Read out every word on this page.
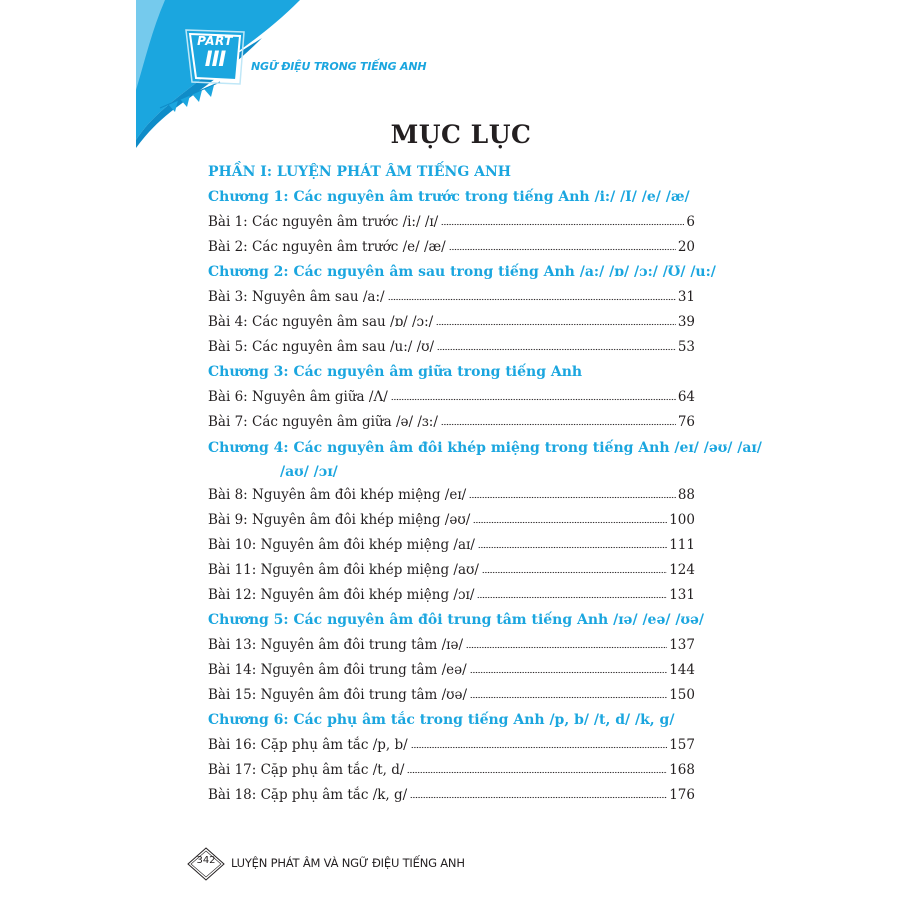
PART
III	NGỮ ĐIỆU TRONG TIẾNG ANH
MỤC LỤC
PHẦN I: LUYỆN PHÁT ÂM TIẾNG ANH
Chương 1: Các nguyên âm trước trong tiếng Anh /i:/ /I/ /e/ /æ/
Bài 1: Các nguyên âm trước /i:/ /ɪ/	6
Bài 2: Các nguyên âm trước /e/ /æ/	20
Chương 2: Các nguyên âm sau trong tiếng Anh /a:/ /ɒ/ /ɔ:/ /Ʊ/ /u:/
Bài 3: Nguyên âm sau /a:/	31
Bài 4: Các nguyên âm sau /ɒ/ /ɔ:/	39
Bài 5: Các nguyên âm sau /u:/ /ʊ/	53
Chương 3: Các nguyên âm giữa trong tiếng Anh
Bài 6: Nguyên âm giữa /Λ/	64
Bài 7: Các nguyên âm giữa /ə/ /ɜ:/	76
Chương 4: Các nguyên âm đôi khép miệng trong tiếng Anh /eɪ/ /əʊ/ /aɪ/
/aʊ/ /ɔɪ/
Bài 8: Nguyên âm đôi khép miệng /eɪ/	88
Bài 9: Nguyên âm đôi khép miệng /əʊ/	100
Bài 10: Nguyên âm đôi khép miệng /aɪ/	111
Bài 11: Nguyên âm đôi khép miệng /aʊ/	124
Bài 12: Nguyên âm đôi khép miệng /ɔɪ/	131
Chương 5: Các nguyên âm đôi trung tâm tiếng Anh /ɪə/ /eə/ /ʊə/
Bài 13: Nguyên âm đôi trung tâm /ɪə/	137
Bài 14: Nguyên âm đôi trung tâm /eə/	144
Bài 15: Nguyên âm đôi trung tâm /ʊə/	150
Chương 6: Các phụ âm tắc trong tiếng Anh /p, b/ /t, d/ /k, g/
Bài 16: Cặp phụ âm tắc /p, b/	157
Bài 17: Cặp phụ âm tắc /t, d/	168
Bài 18: Cặp phụ âm tắc /k, g/	176
342	LUYỆN PHÁT ÂM VÀ NGỮ ĐIỆU TIẾNG ANH
